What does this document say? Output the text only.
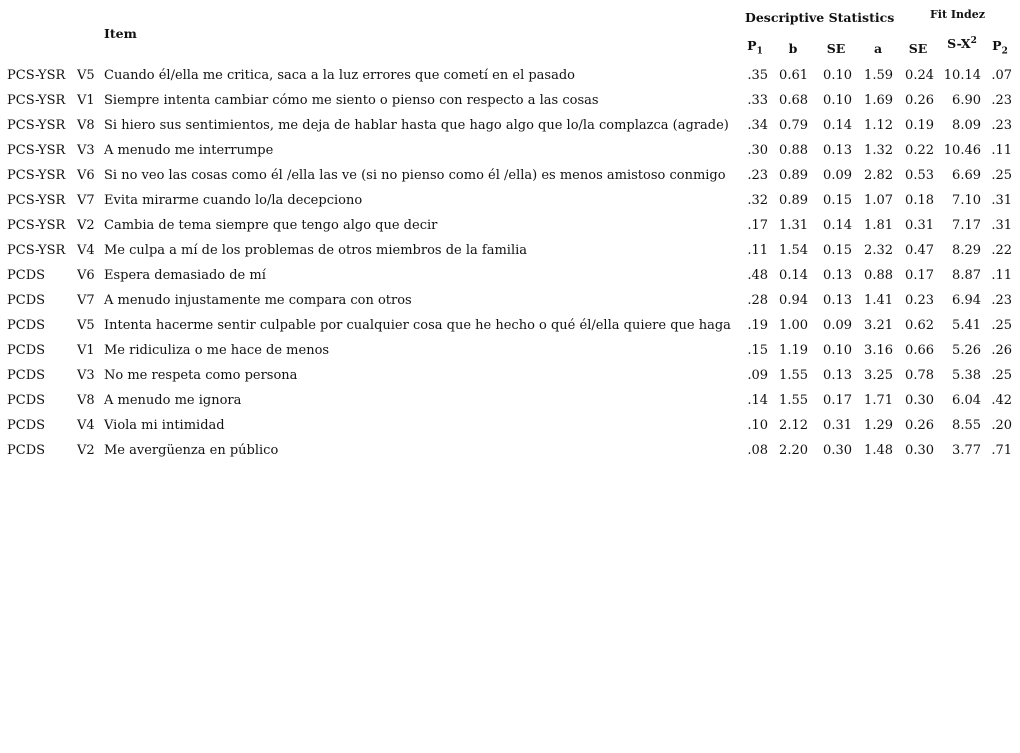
Item
Descriptive Statistics	Fit Indez
$P_1$ b SE a SE $S-X^2$ $P_2$
PCS-YSR V5 Cuando él/ella me critica, saca a la luz errores que cometí en el pasado	.35 0.61	0.10 1.59 0.24 10.14 .07
PCS-YSR V1 Siempre intenta cambiar cómo me siento o pienso con respecto a las cosas	.33 0.68	0.10 1.69 0.26	6.90 .23
PCS-YSR V8 Si hiero sus sentimientos, me deja de hablar hasta que hago algo que lo/la complazca (agrade)	.34 0.79	0.14 1.12 0.19	8.09 .23
PCS-YSR V3 A menudo me interrumpe	.30 0.88	0.13 1.32 0.22 10.46 .11
PCS-YSR V6 Si no veo las cosas como él /ella las ve (si no pienso como él /ella) es menos amistoso conmigo	.23 0.89	0.09 2.82 0.53	6.69 .25
PCS-YSR V7 Evita mirarme cuando lo/la decepciono	.32 0.89	0.15 1.07 0.18	7.10 .31
PCS-YSR V2 Cambia de tema siempre que tengo algo que decir	.17 1.31	0.14 1.81 0.31	7.17 .31
PCS-YSR V4 Me culpa a mí de los problemas de otros miembros de la familia	.11 1.54	0.15 2.32 0.47	8.29 .22
PCDS V6 Espera demasiado de mí	.48 0.14	0.13 0.88 0.17	8.87 .11
PCDS V7 A menudo injustamente me compara con otros	.28 0.94	0.13 1.41 0.23	6.94 .23
PCDS V5 Intenta hacerme sentir culpable por cualquier cosa que he hecho o qué él/ella quiere que haga	.19 1.00	0.09 3.21 0.62	5.41 .25
PCDS V1 Me ridiculiza o me hace de menos	.15 1.19	0.10 3.16 0.66	5.26 .26
PCDS V3 No me respeta como persona	.09 1.55	0.13 3.25 0.78	5.38 .25
PCDS V8 A menudo me ignora	.14 1.55	0.17 1.71 0.30	6.04 .42
PCDS V4 Viola mi intimidad	.10 2.12	0.31 1.29 0.26	8.55 .20
PCDS V2 Me avergüenza en público	.08 2.20	0.30 1.48 0.30	3.77 .71
